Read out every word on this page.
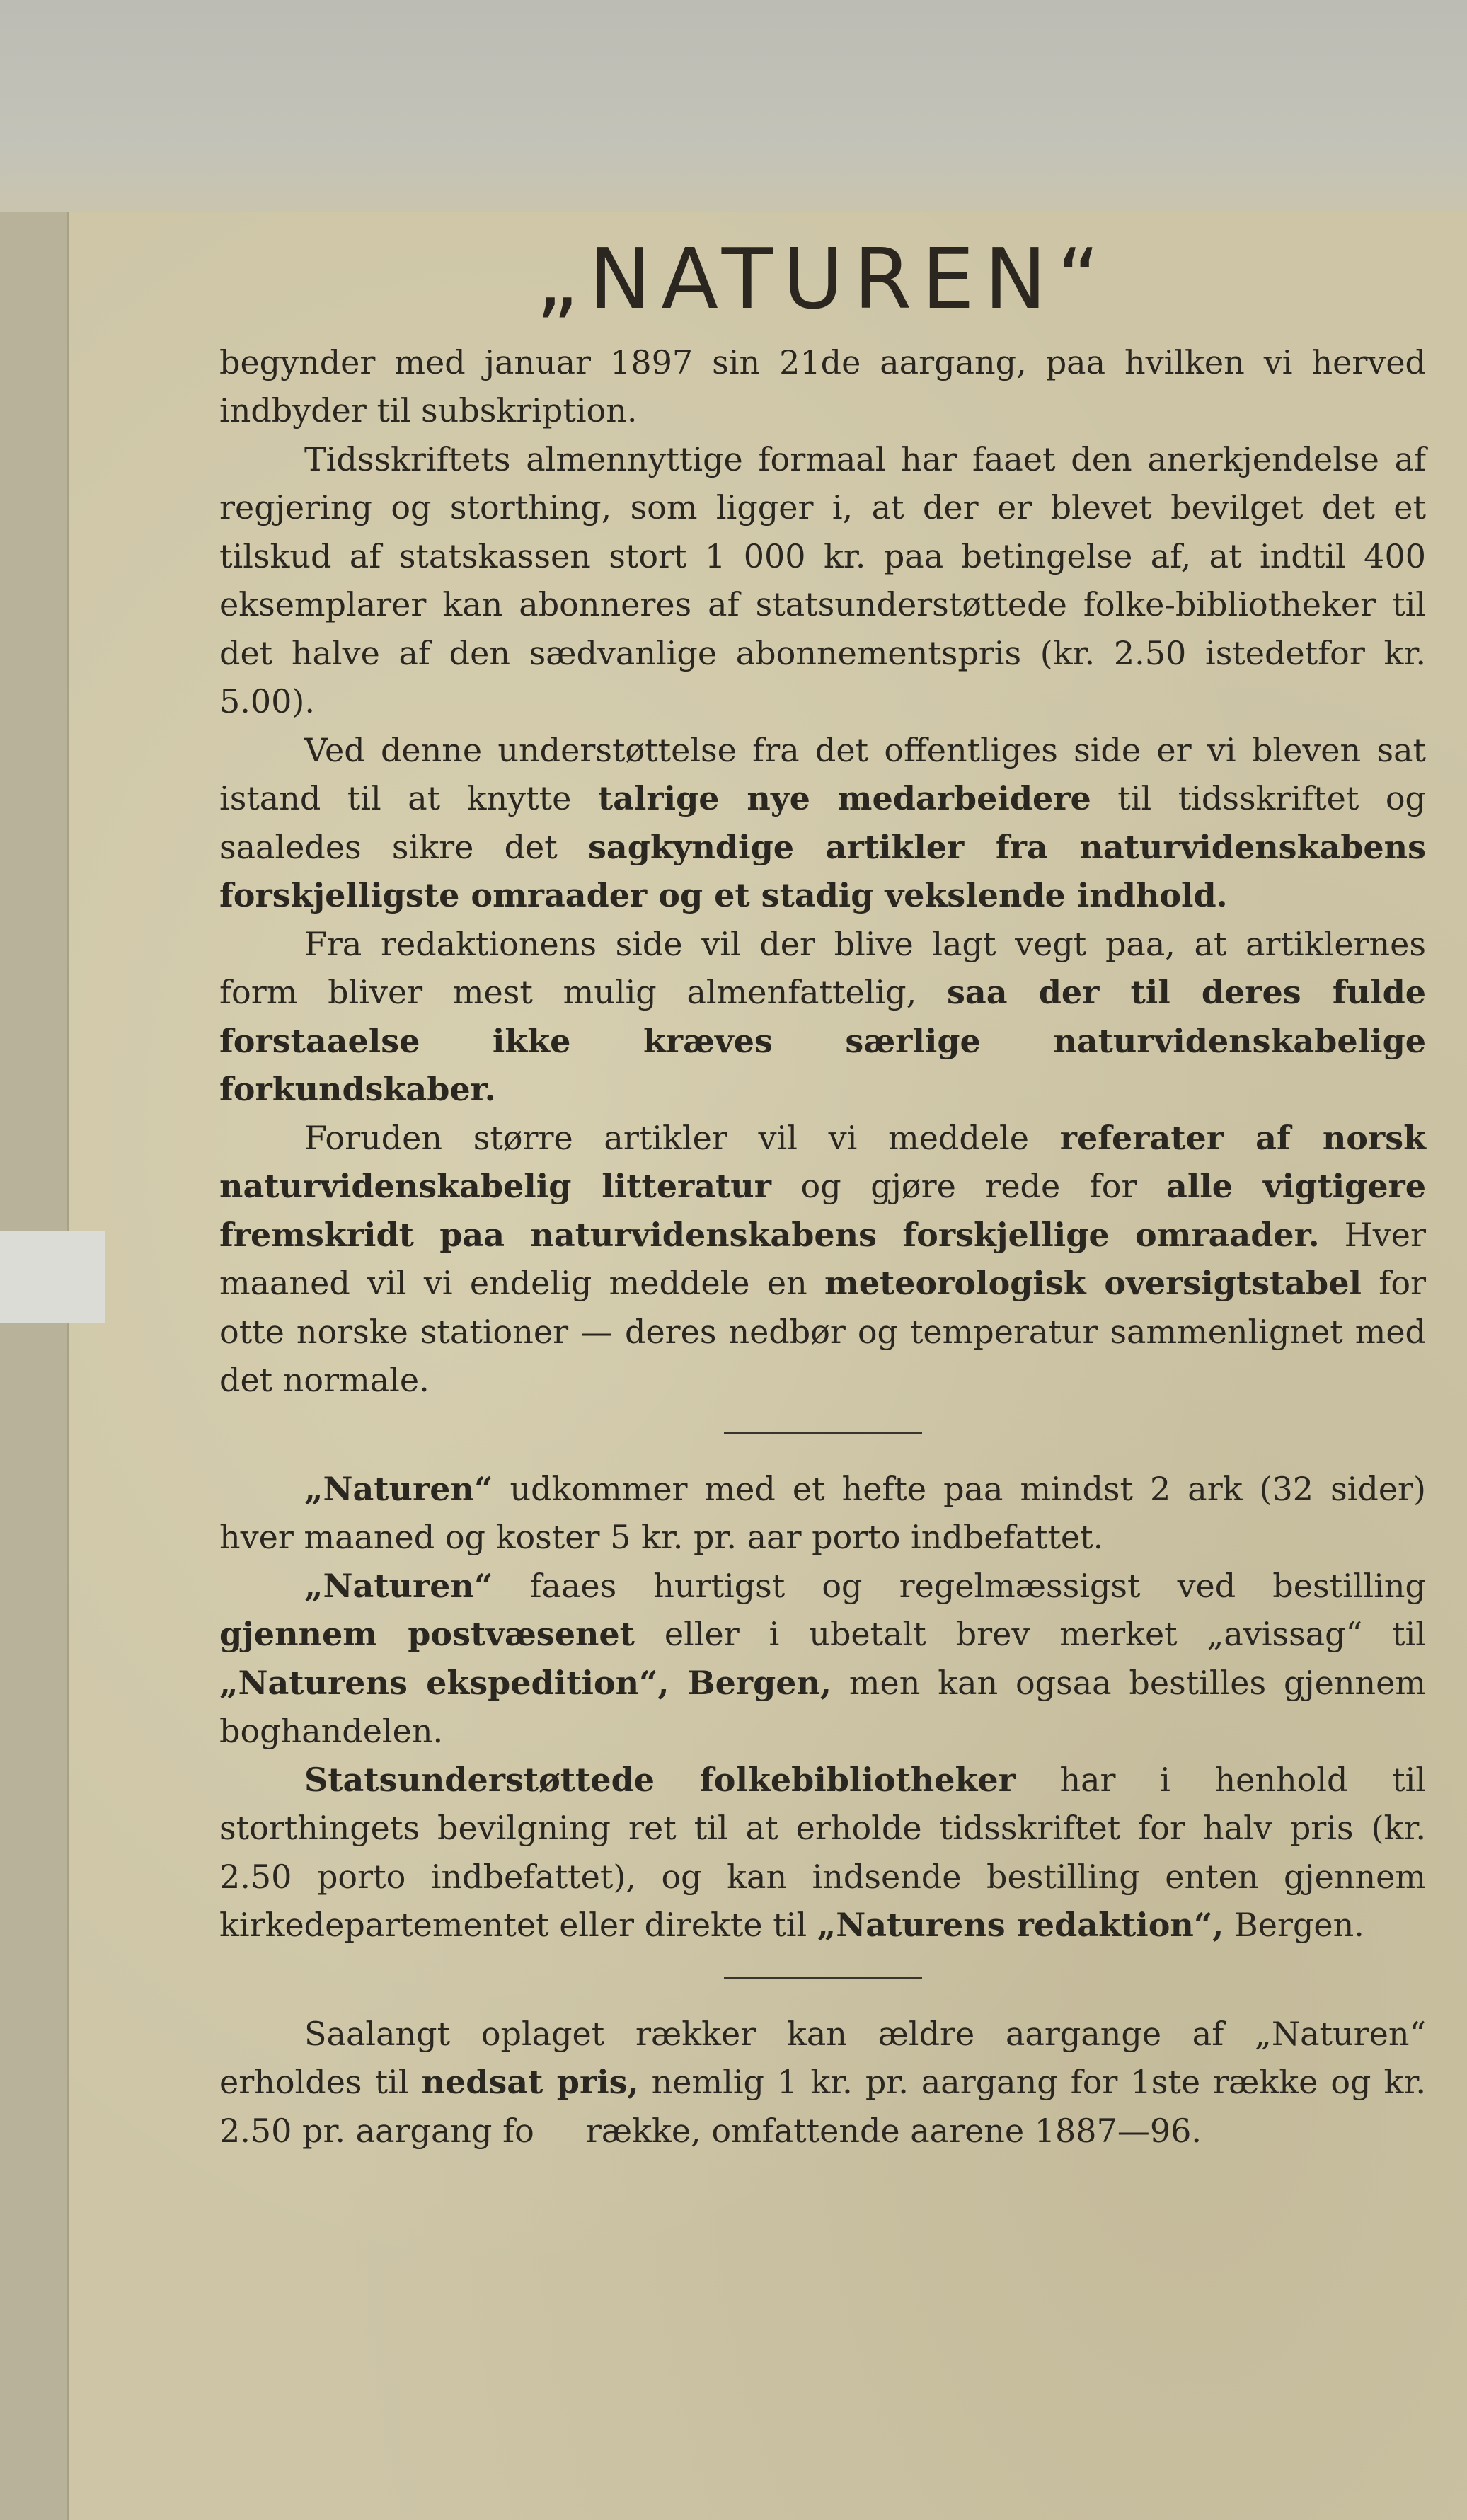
„NATUREN“

begynder med januar 1897 sin 21de aargang, paa hvilken vi herved indbyder til subskription.

Tidsskriftets almennyttige formaal har faaet den anerkjendelse af regjering og storthing, som ligger i, at der er blevet bevilget det et tilskud af statskassen stort 1 000 kr. paa betingelse af, at indtil 400 eksemplarer kan abonneres af statsunderstøttede folke-bibliotheker til det halve af den sædvanlige abonnementspris (kr. 2.50 istedetfor kr. 5.00).

Ved denne understøttelse fra det offentliges side er vi bleven sat istand til at knytte talrige nye medarbeidere til tidsskriftet og saaledes sikre det sagkyndige artikler fra naturvidenskabens forskjelligste omraader og et stadig vekslende indhold.

Fra redaktionens side vil der blive lagt vegt paa, at artiklernes form bliver mest mulig almenfattelig, saa der til deres fulde forstaaelse ikke kræves særlige naturvidenskabelige forkundskaber.

Foruden større artikler vil vi meddele referater af norsk naturvidenskabelig litteratur og gjøre rede for alle vigtigere fremskridt paa naturvidenskabens forskjellige omraader. Hver maaned vil vi endelig meddele en meteorologisk oversigtstabel for otte norske stationer — deres nedbør og temperatur sammenlignet med det normale.

„Naturen“ udkommer med et hefte paa mindst 2 ark (32 sider) hver maaned og koster 5 kr. pr. aar porto indbefattet.

„Naturen“ faaes hurtigst og regelmæssigst ved bestilling gjennem postvæsenet eller i ubetalt brev merket „avissag“ til „Naturens ekspedition“, Bergen, men kan ogsaa bestilles gjennem boghandelen.

Statsunderstøttede folkebibliotheker har i henhold til storthingets bevilgning ret til at erholde tidsskriftet for halv pris (kr. 2.50 porto indbefattet), og kan indsende bestilling enten gjennem kirkedepartementet eller direkte til „Naturens redaktion“, Bergen.

Saalangt oplaget rækker kan ældre aargange af „Naturen“ erholdes til nedsat pris, nemlig 1 kr. pr. aargang for 1ste række og kr. 2.50 pr. aargang fo række, omfattende aarene 1887—96.
